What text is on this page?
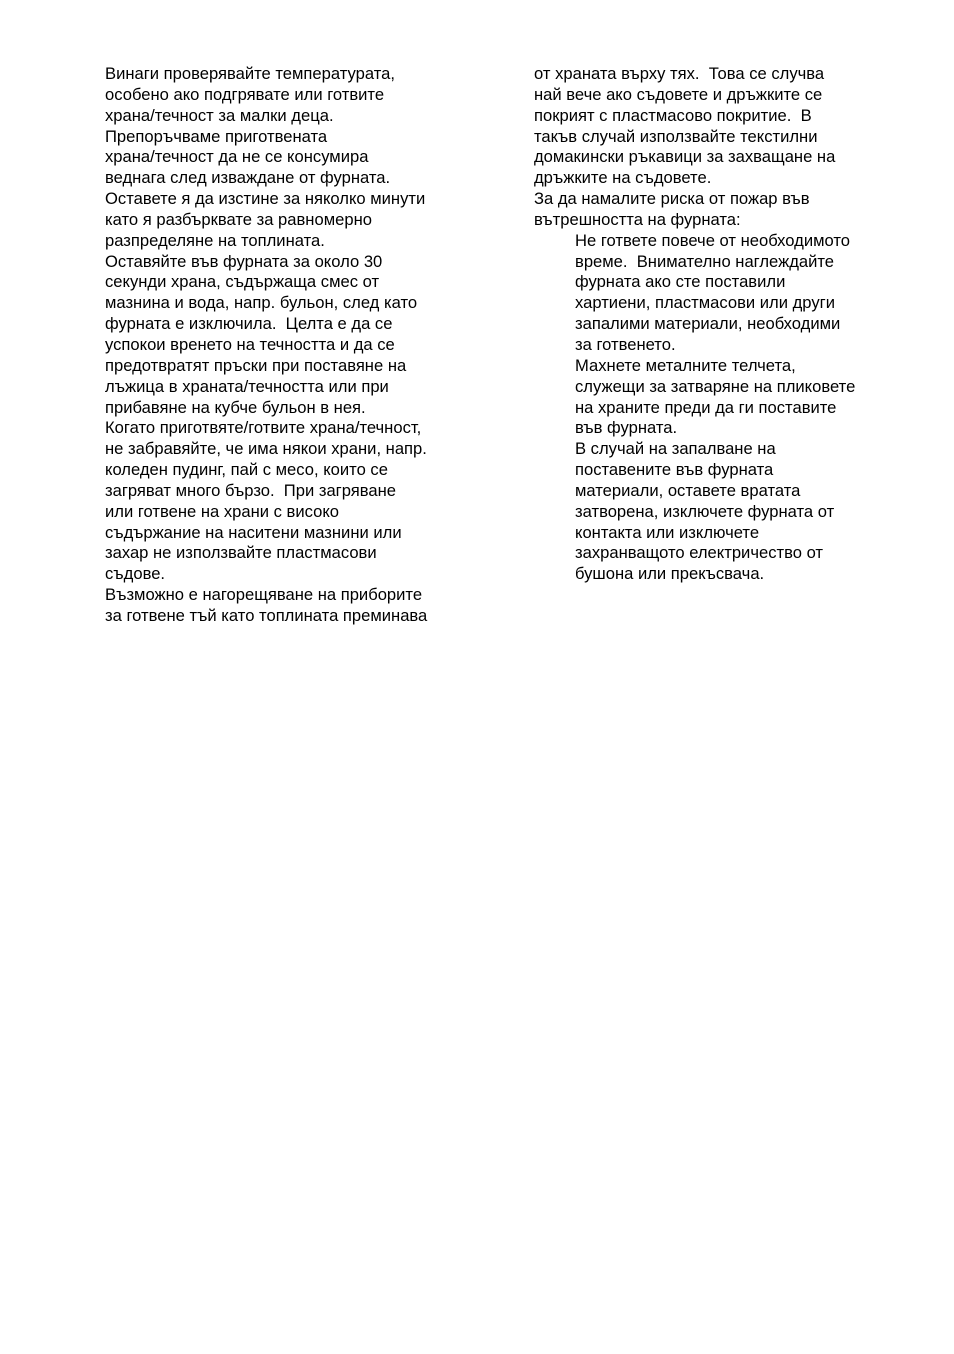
Винаги проверявайте температурата,
особено ако подгрявате или готвите
храна/течност за малки деца.
Препоръчваме приготвената
храна/течност да не се консумира
веднага след изваждане от фурната.
Оставете я да изстине за няколко минути
като я разбърквате за равномерно
разпределяне на топлината.
Оставяйте във фурната за около 30
секунди храна, съдържаща смес от
мазнина и вода, напр. бульон, след като
фурната е изключила.  Целта е да се
успокои вренето на течността и да се
предотвратят пръски при поставяне на
лъжица в храната/течността или при
прибавяне на кубче бульон в нея.
Когато приготвяте/готвите храна/течност,
не забравяйте, че има някои храни, напр.
коледен пудинг, пай с месо, които се
загряват много бързо.  При загряване
или готвене на храни с високо
съдържание на наситени мазнини или
захар не използвайте пластмасови
съдове.
Възможно е нагорещяване на приборите
за готвене тъй като топлината преминава
от храната върху тях.  Това се случва
най вече ако съдовете и дръжките се
покрият с пластмасово покритие.  В
такъв случай използвайте текстилни
домакински ръкавици за захващане на
дръжките на съдовете.
За да намалите риска от пожар във
вътрешността на фурната:
Не гответе повече от необходимото
време.  Внимателно наглеждайте
фурната ако сте поставили
хартиени, пластмасови или други
запалими материали, необходими
за готвенето.
Махнете металните телчета,
служещи за затваряне на пликовете
на храните преди да ги поставите
във фурната.
В случай на запалване на
поставените във фурната
материали, оставете вратата
затворена, изключете фурната от
контакта или изключете
захранващото електричество от
бушона или прекъсвача.
